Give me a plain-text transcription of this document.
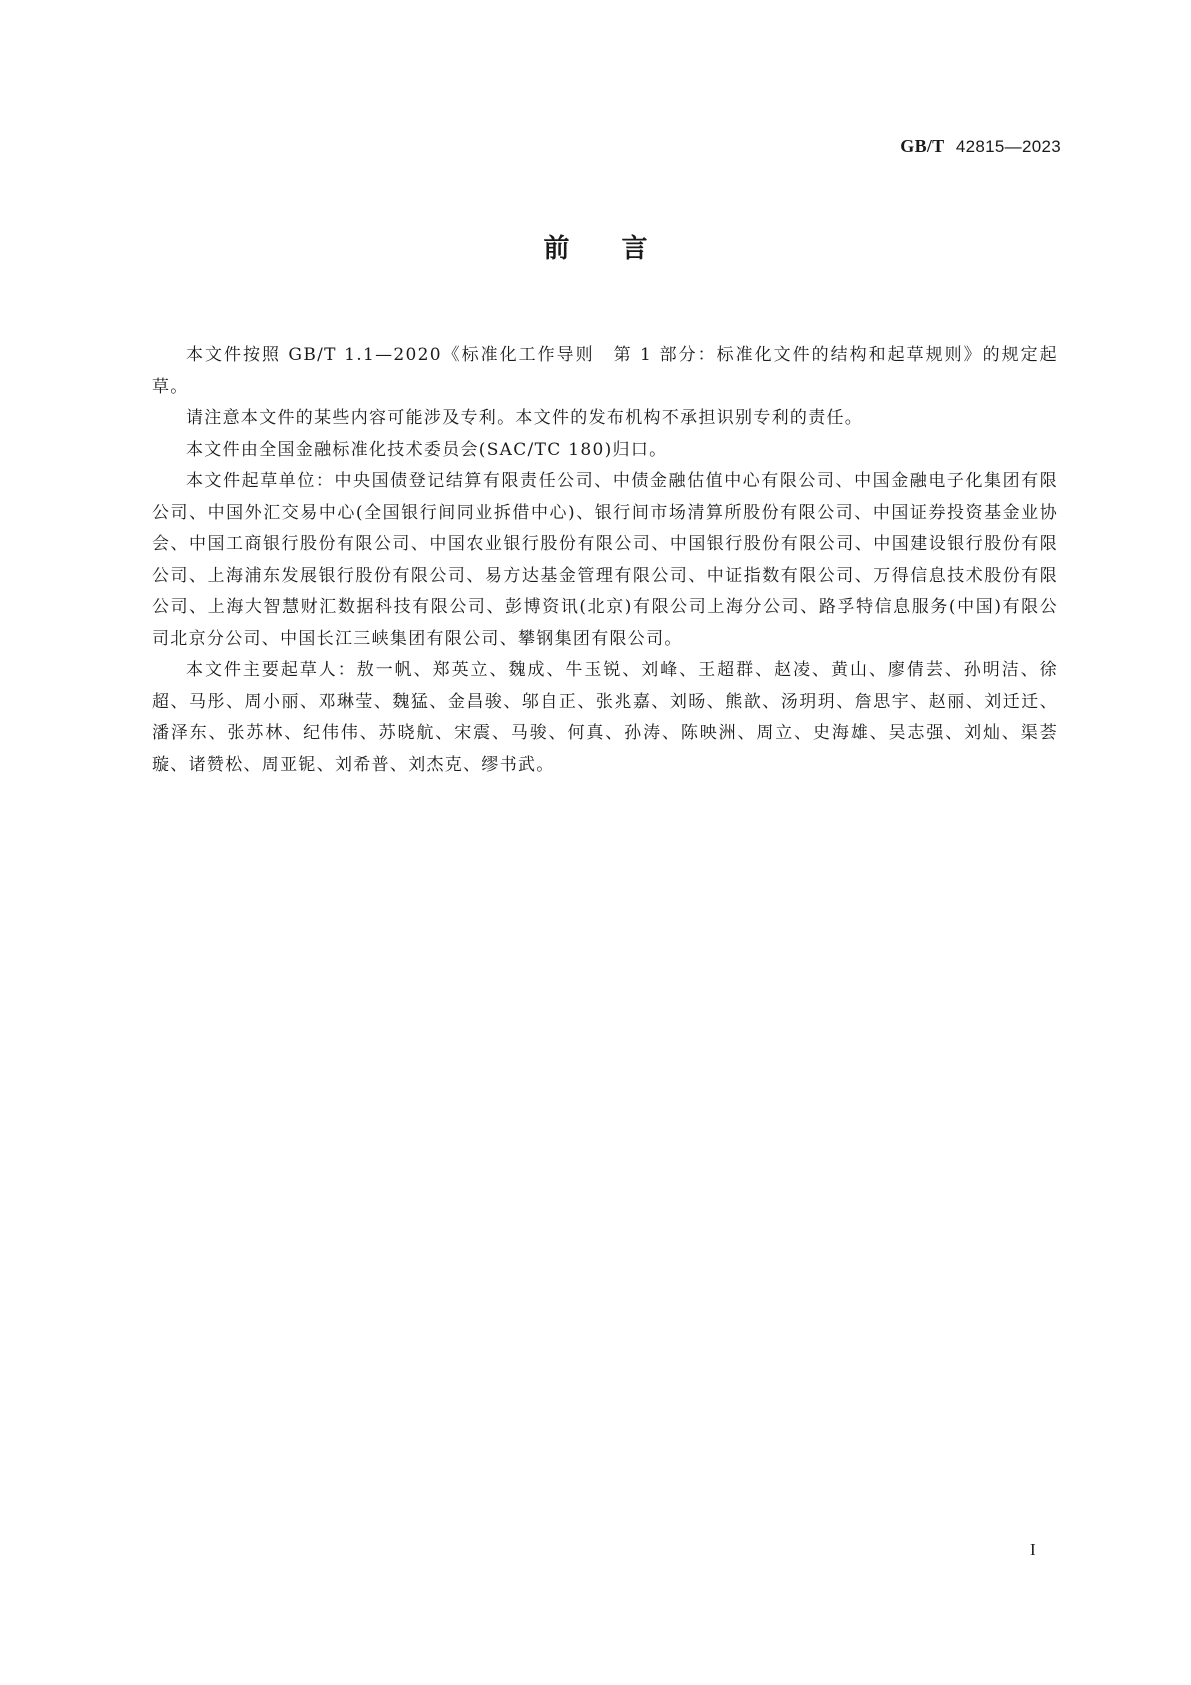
GB/T 42815—2023
前言

本文件按照 GB/T 1.1—2020《标准化工作导则　第 1 部分：标准化文件的结构和起草规则》的规定起草。

请注意本文件的某些内容可能涉及专利。本文件的发布机构不承担识别专利的责任。

本文件由全国金融标准化技术委员会(SAC/TC 180)归口。

本文件起草单位：中央国债登记结算有限责任公司、中债金融估值中心有限公司、中国金融电子化集团有限公司、中国外汇交易中心(全国银行间同业拆借中心)、银行间市场清算所股份有限公司、中国证券投资基金业协会、中国工商银行股份有限公司、中国农业银行股份有限公司、中国银行股份有限公司、中国建设银行股份有限公司、上海浦东发展银行股份有限公司、易方达基金管理有限公司、中证指数有限公司、万得信息技术股份有限公司、上海大智慧财汇数据科技有限公司、彭博资讯(北京)有限公司上海分公司、路孚特信息服务(中国)有限公司北京分公司、中国长江三峡集团有限公司、攀钢集团有限公司。

本文件主要起草人：敖一帆、郑英立、魏成、牛玉锐、刘峰、王超群、赵凌、黄山、廖倩芸、孙明洁、徐超、马彤、周小丽、邓琳莹、魏猛、金昌骏、邬自正、张兆嘉、刘旸、熊歆、汤玥玥、詹思宇、赵丽、刘迁迁、潘泽东、张苏林、纪伟伟、苏晓航、宋震、马骏、何真、孙涛、陈映洲、周立、史海雄、吴志强、刘灿、渠荟璇、诸赞松、周亚铌、刘希普、刘杰克、缪书武。

I
